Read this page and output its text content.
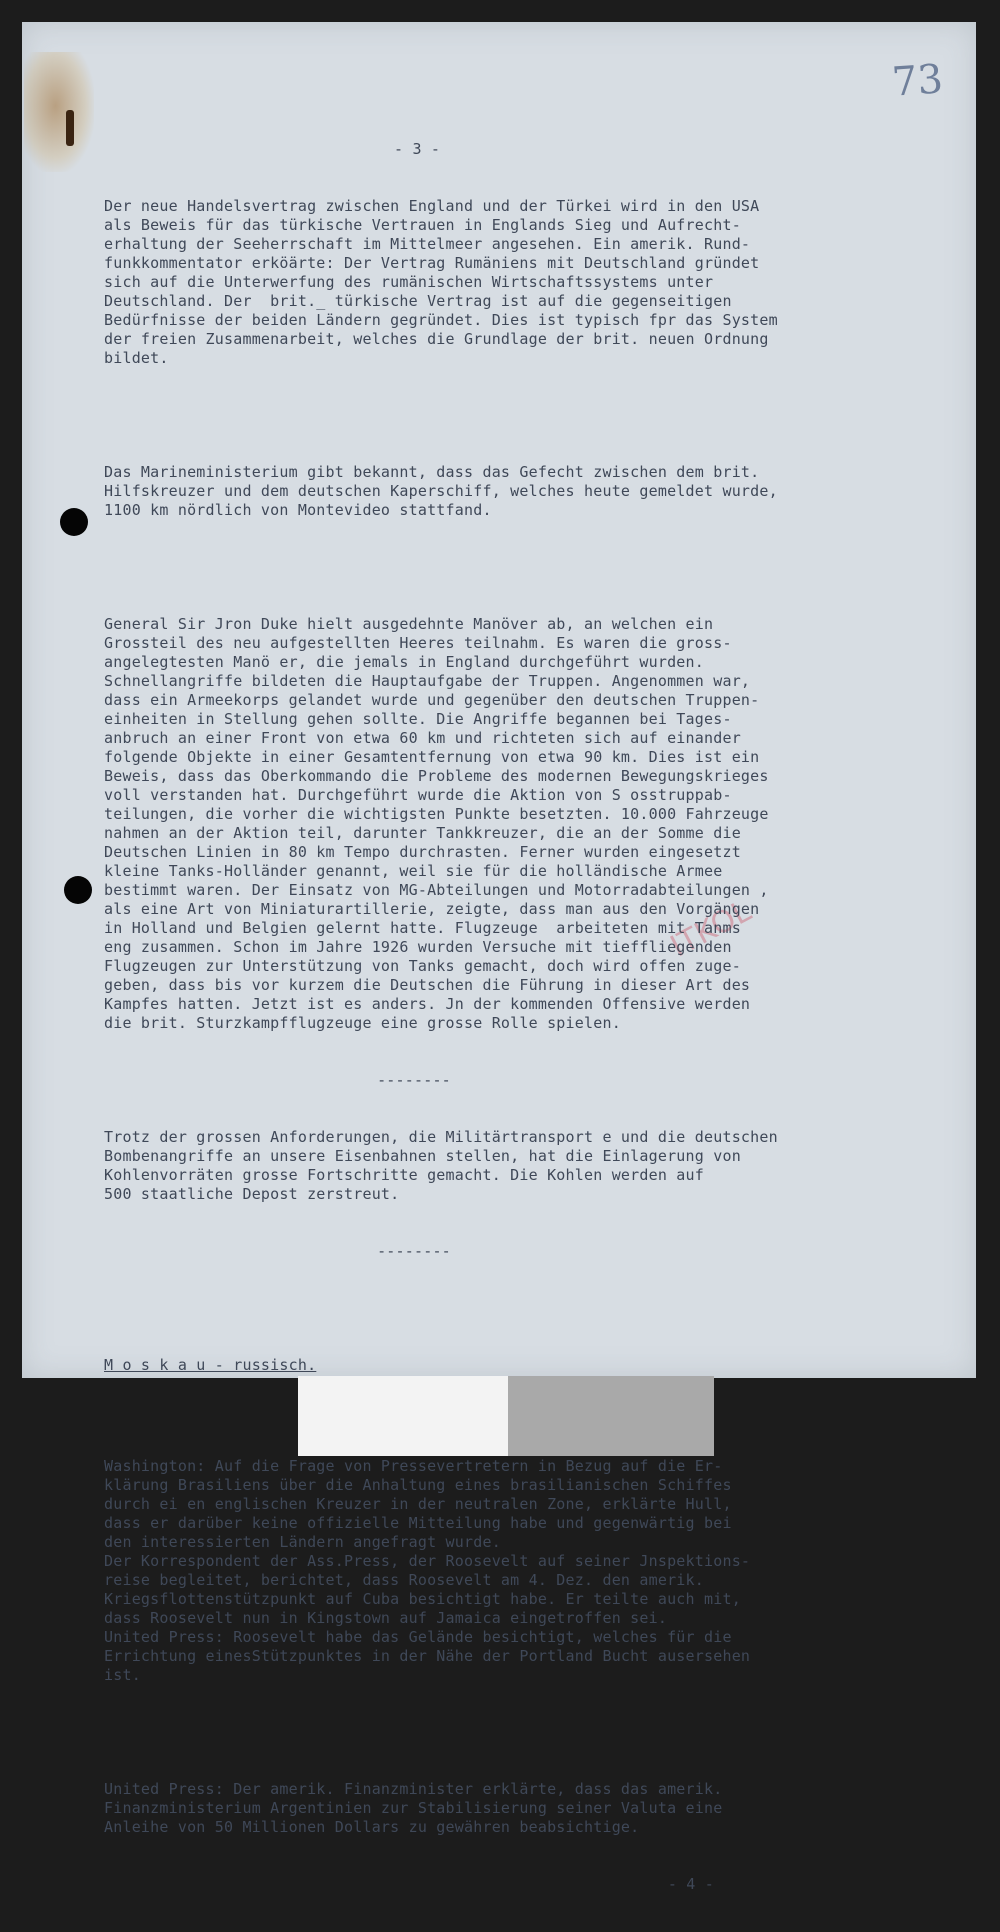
73
ITKOL

- 3 -

Der neue Handelsvertrag zwischen England und der Türkei wird in den USA
als Beweis für das türkische Vertrauen in Englands Sieg und Aufrecht-
erhaltung der Seeherrschaft im Mittelmeer angesehen. Ein amerik. Rund-
funkkommentator erköärte: Der Vertrag Rumäniens mit Deutschland gründet
sich auf die Unterwerfung des rumänischen Wirtschaftssystems unter
Deutschland. Der  brit._ türkische Vertrag ist auf die gegenseitigen
Bedürfnisse der beiden Ländern gegründet. Dies ist typisch fpr das System
der freien Zusammenarbeit, welches die Grundlage der brit. neuen Ordnung
bildet.

Das Marineministerium gibt bekannt, dass das Gefecht zwischen dem brit.
Hilfskreuzer und dem deutschen Kaperschiff, welches heute gemeldet wurde,
1100 km nördlich von Montevideo stattfand.

General Sir Jron Duke hielt ausgedehnte Manöver ab, an welchen ein
Grossteil des neu aufgestellten Heeres teilnahm. Es waren die gross-
angelegtesten Manö er, die jemals in England durchgeführt wurden.
Schnellangriffe bildeten die Hauptaufgabe der Truppen. Angenommen war,
dass ein Armeekorps gelandet wurde und gegenüber den deutschen Truppen-
einheiten in Stellung gehen sollte. Die Angriffe begannen bei Tages-
anbruch an einer Front von etwa 60 km und richteten sich auf einander
folgende Objekte in einer Gesamtentfernung von etwa 90 km. Dies ist ein
Beweis, dass das Oberkommando die Probleme des modernen Bewegungskrieges
voll verstanden hat. Durchgeführt wurde die Aktion von S osstruppab-
teilungen, die vorher die wichtigsten Punkte besetzten. 10.000 Fahrzeuge
nahmen an der Aktion teil, darunter Tankkreuzer, die an der Somme die
Deutschen Linien in 80 km Tempo durchrasten. Ferner wurden eingesetzt
kleine Tanks-Holländer genannt, weil sie für die holländische Armee
bestimmt waren. Der Einsatz von MG-Abteilungen und Motorradabteilungen ,
als eine Art von Miniaturartillerie, zeigte, dass man aus den Vorgängen
in Holland und Belgien gelernt hatte. Flugzeuge  arbeiteten mit Tanms
eng zusammen. Schon im Jahre 1926 wurden Versuche mit tieffliegenden
Flugzeugen zur Unterstützung von Tanks gemacht, doch wird offen zuge-
geben, dass bis vor kurzem die Deutschen die Führung in dieser Art des
Kampfes hatten. Jetzt ist es anders. Jn der kommenden Offensive werden
die brit. Sturzkampfflugzeuge eine grosse Rolle spielen.

--------

Trotz der grossen Anforderungen, die Militärtransport e und die deutschen
Bombenangriffe an unsere Eisenbahnen stellen, hat die Einlagerung von
Kohlenvorräten grosse Fortschritte gemacht. Die Kohlen werden auf
500 staatliche Depost zerstreut.

--------

M o s k a u - russisch.

Washington: Auf die Frage von Pressevertretern in Bezug auf die Er-
klärung Brasiliens über die Anhaltung eines brasilianischen Schiffes
durch ei en englischen Kreuzer in der neutralen Zone, erklärte Hull,
dass er darüber keine offizielle Mitteilung habe und gegenwärtig bei
den interessierten Ländern angefragt wurde.
Der Korrespondent der Ass.Press, der Roosevelt auf seiner Jnspektions-
reise begleitet, berichtet, dass Roosevelt am 4. Dez. den amerik.
Kriegsflottenstützpunkt auf Cuba besichtigt habe. Er teilte auch mit,
dass Roosevelt nun in Kingstown auf Jamaica eingetroffen sei.
United Press: Roosevelt habe das Gelände besichtigt, welches für die
Errichtung einesStützpunktes in der Nähe der Portland Bucht ausersehen
ist.

United Press: Der amerik. Finanzminister erklärte, dass das amerik.
Finanzministerium Argentinien zur Stabilisierung seiner Valuta eine
Anleihe von 50 Millionen Dollars zu gewähren beabsichtige.

- 4 -
